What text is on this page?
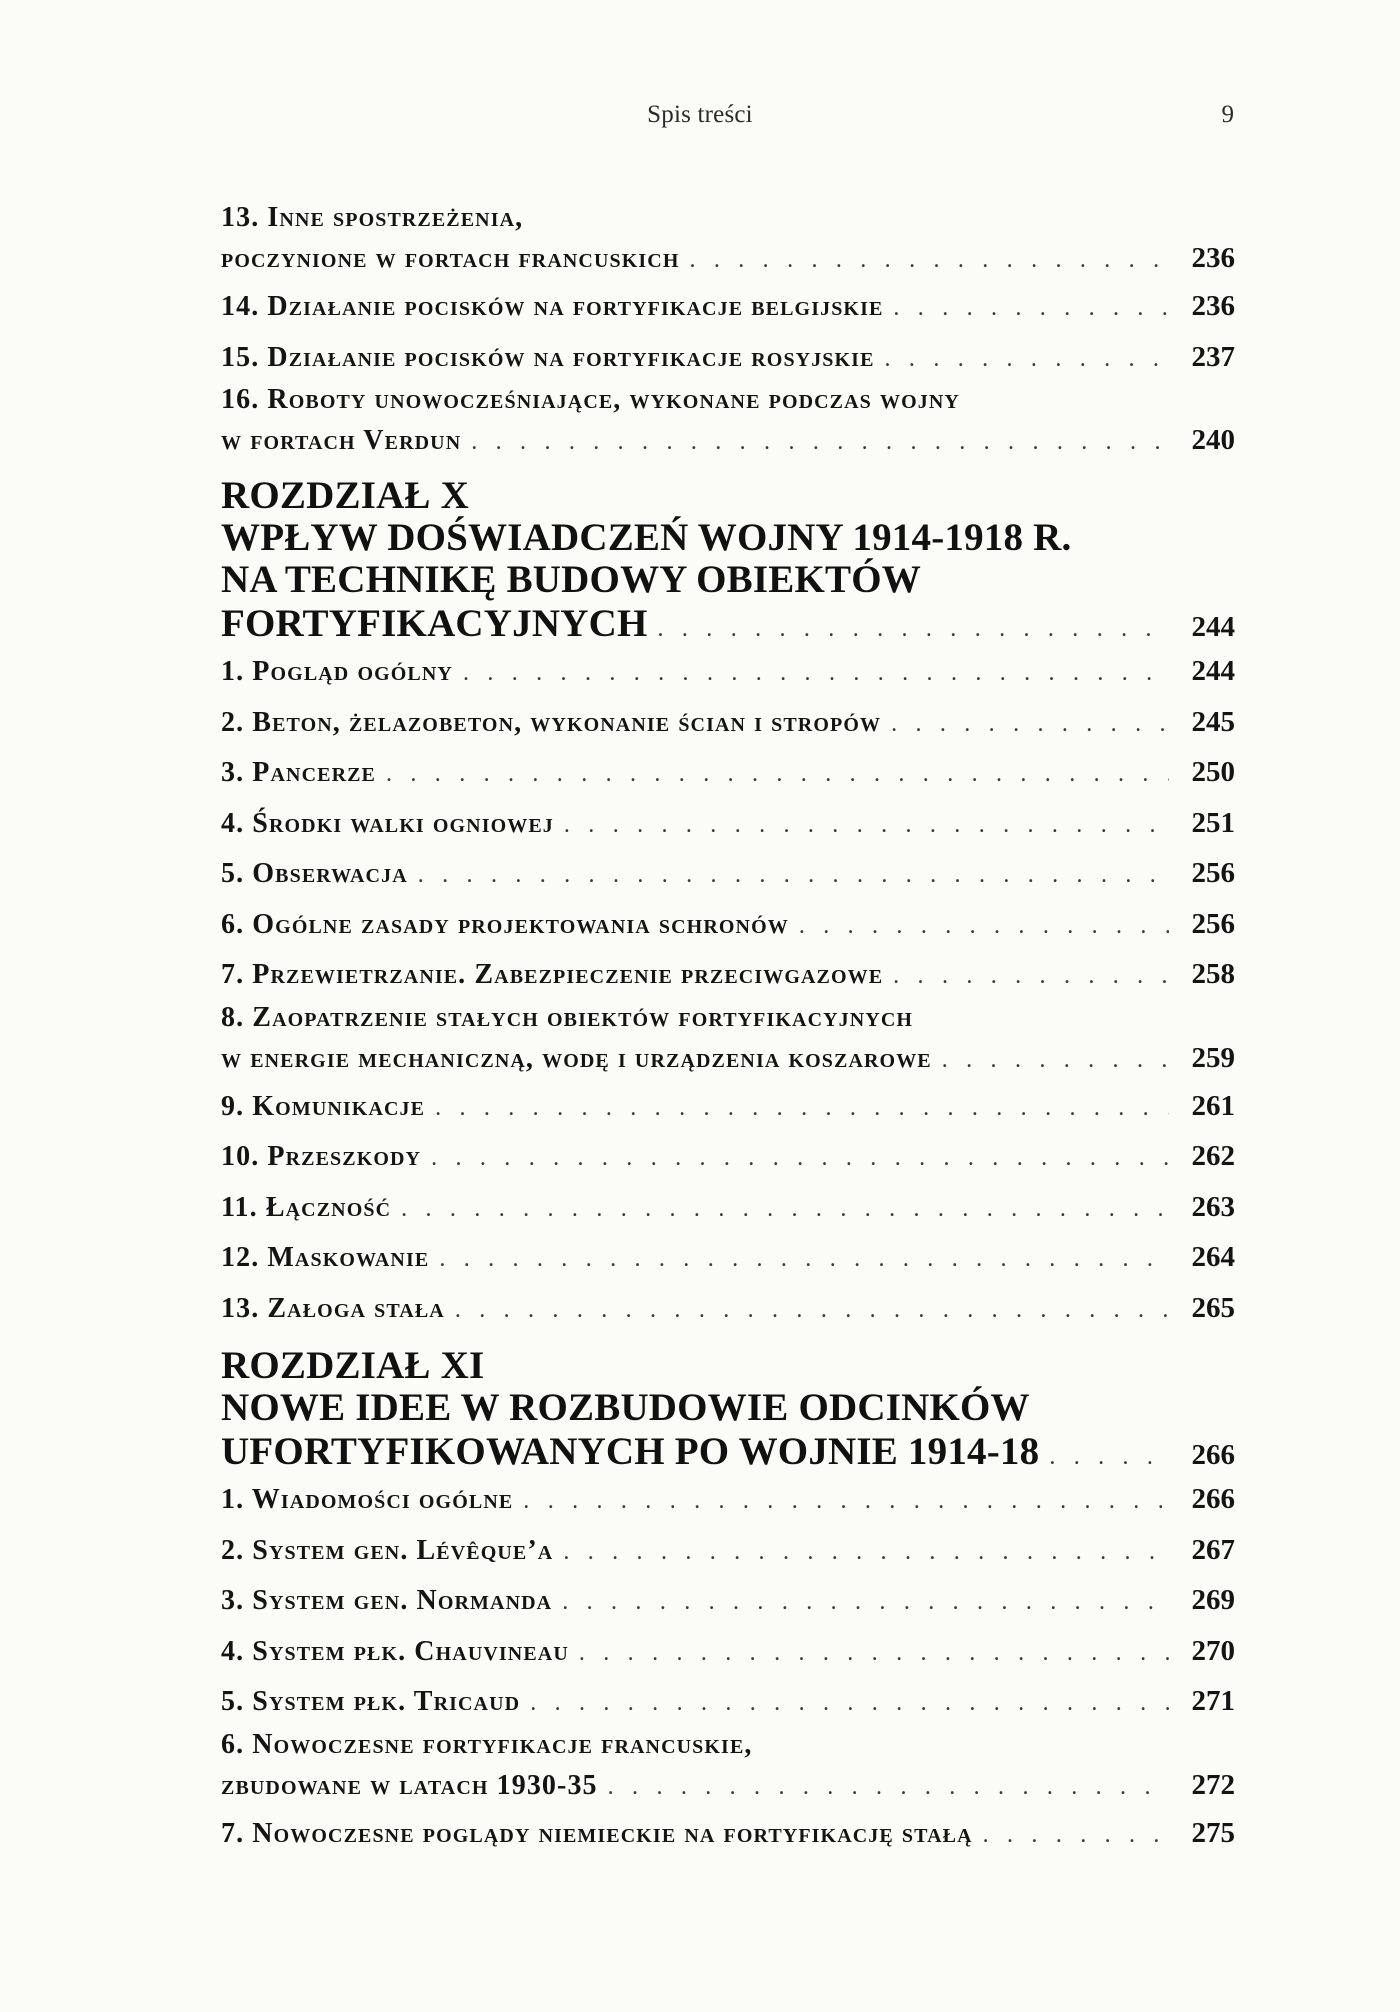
Spis treści	9
13. Inne spostrzeżenia,
poczynione w fortach francuskich . . .	236
14. Działanie pocisków na fortyfikacje belgijskie . . .	236
15. Działanie pocisków na fortyfikacje rosyjskie . . .	237
16. Roboty unowocześniające, wykonane podczas wojny
w fortach Verdun . . .	240
ROZDZIAŁ X
WPŁYW DOŚWIADCZEŃ WOJNY 1914-1918 R.
NA TECHNIKĘ BUDOWY OBIEKTÓW
FORTYFIKACYJNYCH . . .	244
1. Pogląd ogólny . . .	244
2. Beton, żelazobeton, wykonanie ścian i stropów . . .	245
3. Pancerze . . .	250
4. Środki walki ogniowej . . .	251
5. Obserwacja . . .	256
6. Ogólne zasady projektowania schronów . . .	256
7. Przewietrzanie. Zabezpieczenie przeciwgazowe . . .	258
8. Zaopatrzenie stałych obiektów fortyfikacyjnych
w energie mechaniczną, wodę i urządzenia koszarowe . . .	259
9. Komunikacje . . .	261
10. Przeszkody . . .	262
11. Łączność . . .	263
12. Maskowanie . . .	264
13. Załoga stała . . .	265
ROZDZIAŁ XI
NOWE IDEE W ROZBUDOWIE ODCINKÓW
UFORTYFIKOWANYCH PO WOJNIE 1914-18 . . .	266
1. Wiadomości ogólne . . .	266
2. System gen. Lévêque’a . . .	267
3. System gen. Normanda . . .	269
4. System płk. Chauvineau . . .	270
5. System płk. Tricaud . . .	271
6. Nowoczesne fortyfikacje francuskie,
zbudowane w latach 1930-35 . . .	272
7. Nowoczesne poglądy niemieckie na fortyfikację stałą . . .	275
